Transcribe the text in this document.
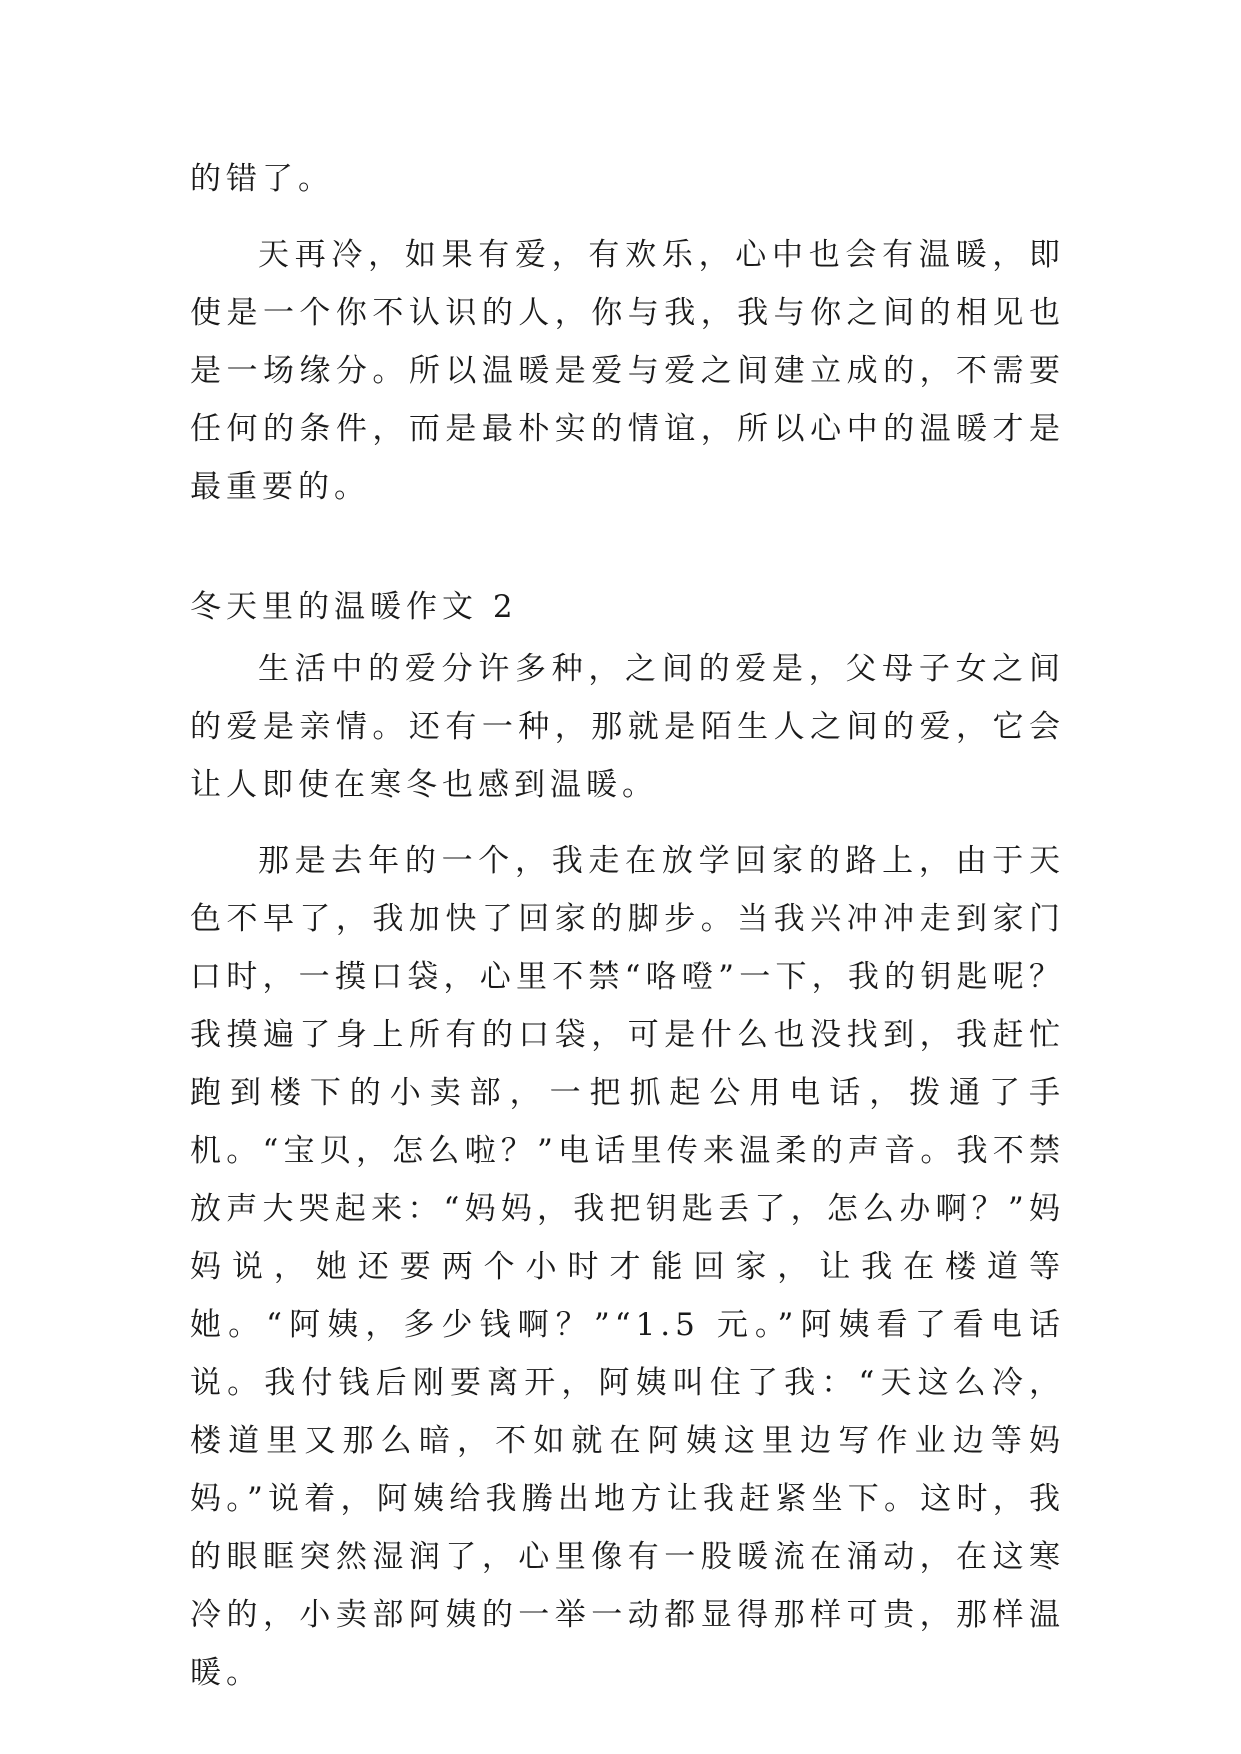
的错了。

天再冷，如果有爱，有欢乐，心中也会有温暖，即使是一个你不认识的人，你与我，我与你之间的相见也是一场缘分。所以温暖是爱与爱之间建立成的，不需要任何的条件，而是最朴实的情谊，所以心中的温暖才是最重要的。

冬天里的温暖作文 2

生活中的爱分许多种，之间的爱是，父母子女之间的爱是亲情。还有一种，那就是陌生人之间的爱，它会让人即使在寒冬也感到温暖。

那是去年的一个，我走在放学回家的路上，由于天色不早了，我加快了回家的脚步。当我兴冲冲走到家门口时，一摸口袋，心里不禁“咯噔”一下，我的钥匙呢？我摸遍了身上所有的口袋，可是什么也没找到，我赶忙跑到楼下的小卖部，一把抓起公用电话，拨通了手机。“宝贝，怎么啦？”电话里传来温柔的声音。我不禁放声大哭起来：“妈妈，我把钥匙丢了，怎么办啊？”妈妈说，她还要两个小时才能回家，让我在楼道等她。“阿姨，多少钱啊？”“1.5 元。”阿姨看了看电话说。我付钱后刚要离开，阿姨叫住了我：“天这么冷，楼道里又那么暗，不如就在阿姨这里边写作业边等妈妈。”说着，阿姨给我腾出地方让我赶紧坐下。这时，我的眼眶突然湿润了，心里像有一股暖流在涌动，在这寒冷的，小卖部阿姨的一举一动都显得那样可贵，那样温暖。
